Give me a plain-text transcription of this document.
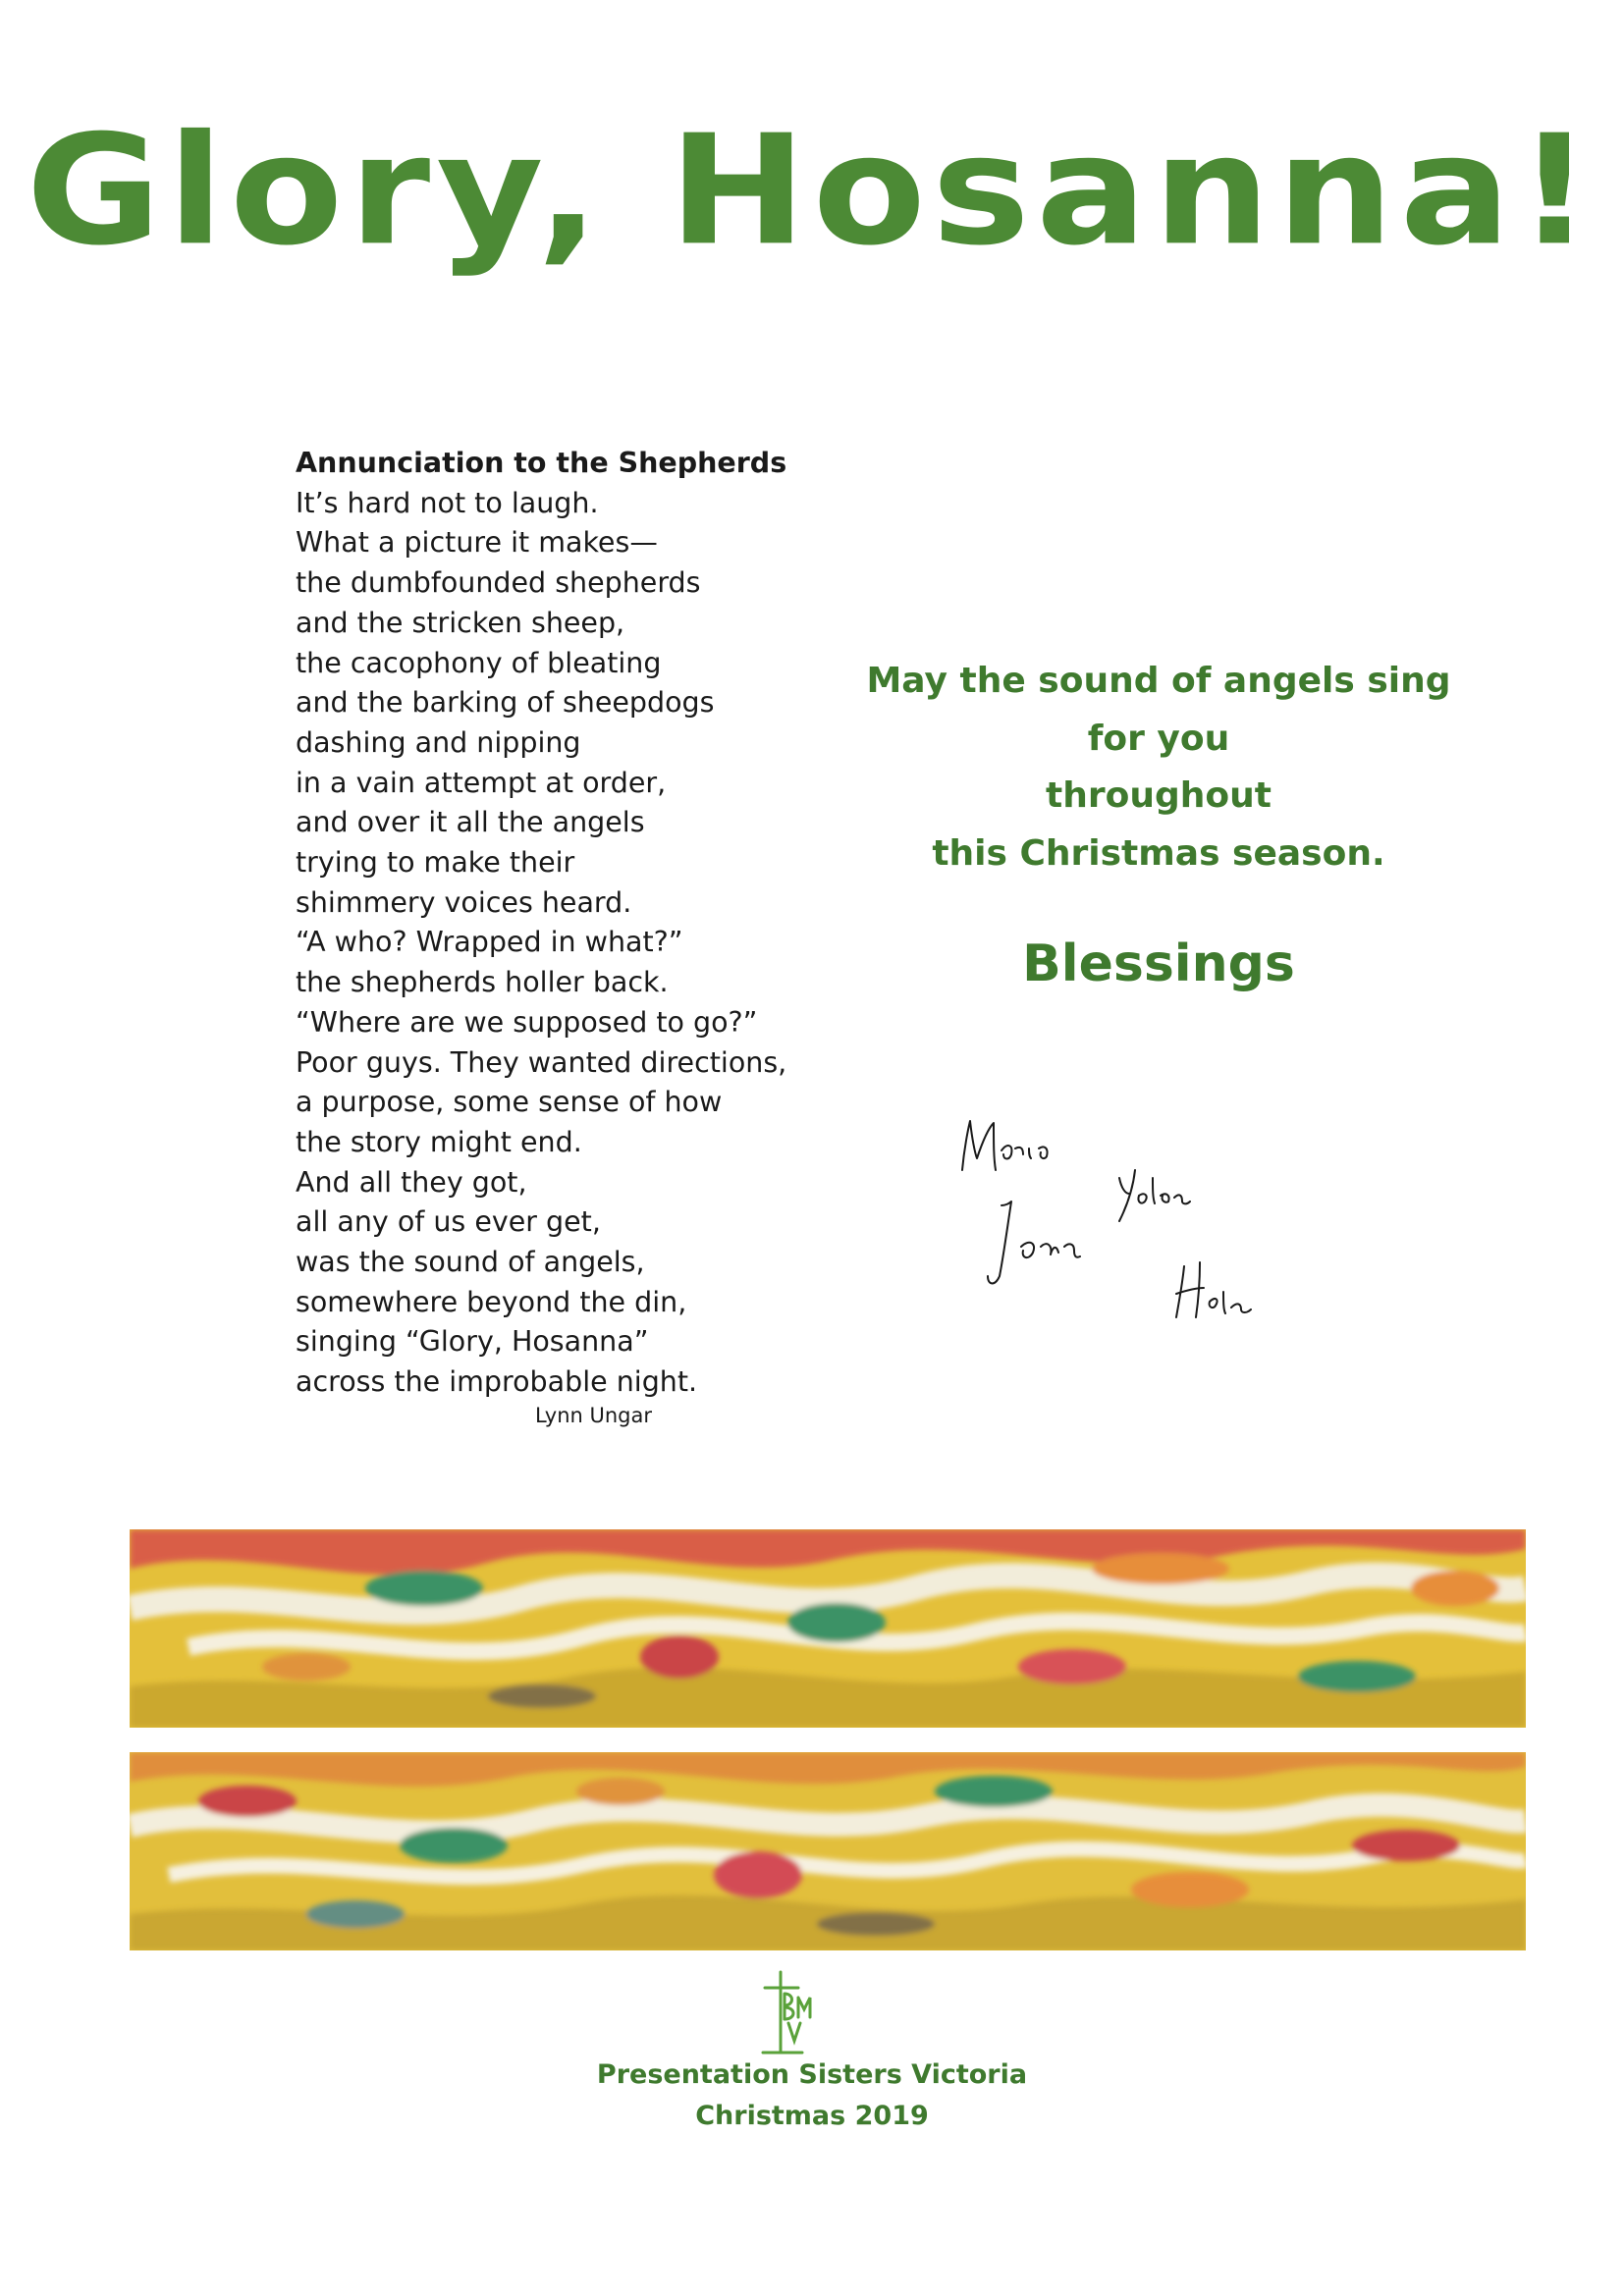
Glory, Hosanna!
Annunciation to the Shepherds
It’s hard not to laugh.
What a picture it makes—
the dumbfounded shepherds
and the stricken sheep,
the cacophony of bleating
and the barking of sheepdogs
dashing and nipping
in a vain attempt at order,
and over it all the angels
trying to make their
shimmery voices heard.
“A who? Wrapped in what?”
the shepherds holler back.
“Where are we supposed to go?”
Poor guys. They wanted directions,
a purpose, some sense of how
the story might end.
And all they got,
all any of us ever get,
was the sound of angels,
somewhere beyond the din,
singing “Glory, Hosanna”
across the improbable night.
Lynn Ungar
May the sound of angels sing
for you
throughout
this Christmas season.
Blessings
Presentation Sisters Victoria
Christmas 2019
